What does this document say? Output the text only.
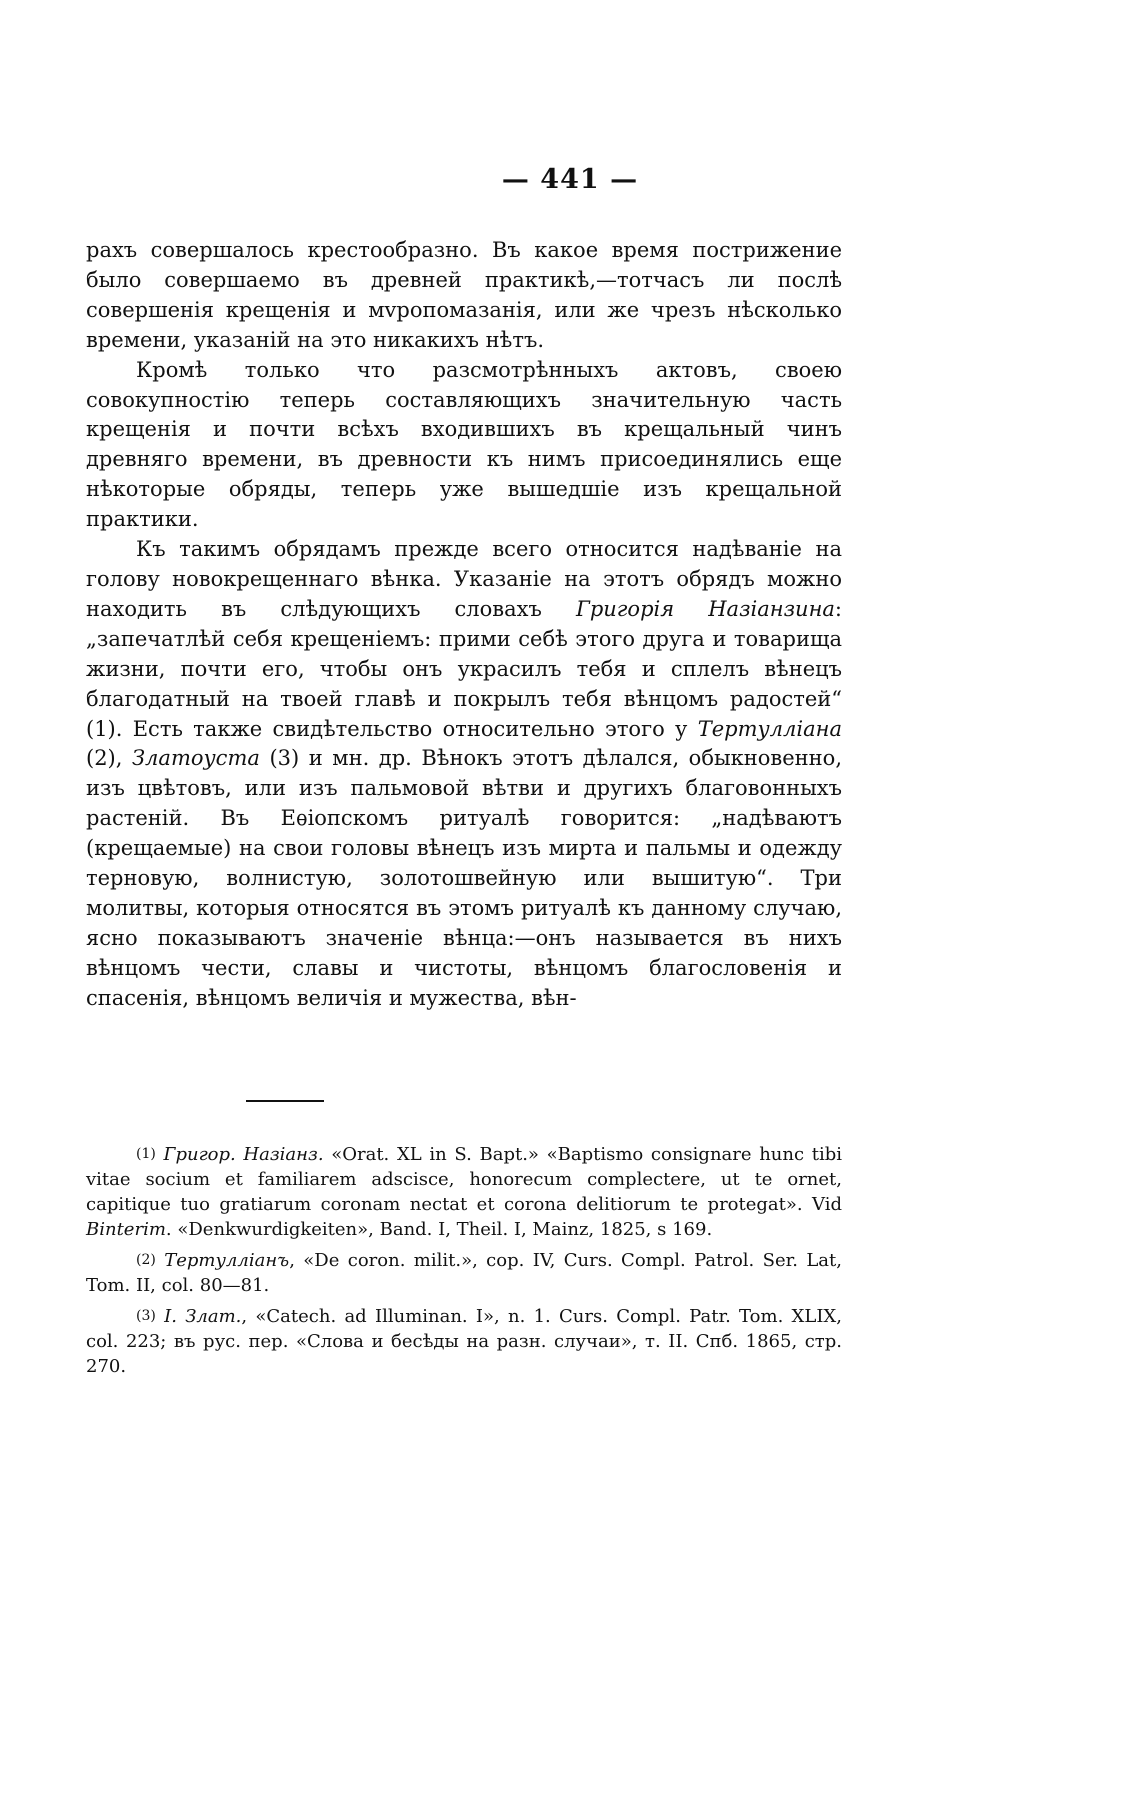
— 441 —

рахъ совершалось крестообразно. Въ какое время пострижение было совершаемо въ древней практикѣ,—тотчасъ ли послѣ совершенія крещенія и мvропомазанія, или же чрезъ нѣсколько времени, указаній на это никакихъ нѣтъ.

Кромѣ только что разсмотрѣнныхъ актовъ, своею совокупностію теперь составляющихъ значительную часть крещенія и почти всѣхъ входившихъ въ крещальный чинъ древняго времени, въ древности къ нимъ присоединялись еще нѣкоторые обряды, теперь уже вышедшіе изъ крещальной практики.

Къ такимъ обрядамъ прежде всего относится надѣваніе на голову новокрещеннаго вѣнка. Указаніе на этотъ обрядъ можно находить въ слѣдующихъ словахъ Григорія Назіанзина: „запечатлѣй себя крещеніемъ: прими себѣ этого друга и товарища жизни, почти его, чтобы онъ украсилъ тебя и сплелъ вѣнецъ благодатный на твоей главѣ и покрылъ тебя вѣнцомъ радостей“ (1). Есть также свидѣтельство относительно этого у Тертулліана (2), Златоуста (3) и мн. др. Вѣнокъ этотъ дѣлался, обыкновенно, изъ цвѣтовъ, или изъ пальмовой вѣтви и другихъ благовонныхъ растеній. Въ Еѳіопскомъ ритуалѣ говорится: „надѣваютъ (крещаемые) на свои головы вѣнецъ изъ мирта и пальмы и одежду терновую, волнистую, золотошвейную или вышитую“. Три молитвы, которыя относятся въ этомъ ритуалѣ къ данному случаю, ясно показываютъ значеніе вѣнца:—онъ называется въ нихъ вѣнцомъ чести, славы и чистоты, вѣнцомъ благословенія и спасенія, вѣнцомъ величія и мужества, вѣн-

$^{(1)}$ Григор. Назіанз. «Orat. XL in S. Bapt.» «Baptismo consignare hunc tibi vitae socium et familiarem adscisce, honorecum complectere, ut te ornet, capitique tuo gratiarum coronam nectat et corona delitiorum te protegat». Vid Binterim. «Denkwurdigkeiten», Band. I, Theil. I, Mainz, 1825, s 169.

$^{(2)}$ Тертулліанъ, «De coron. milit.», cop. IV, Curs. Compl. Patrol. Ser. Lat, Tom. II, col. 80—81.

$^{(3)}$ I. Злат., «Catech. ad Illuminan. I», n. 1. Curs. Compl. Patr. Tom. XLIX, col. 223; въ рус. пер. «Слова и бесѣды на разн. случаи», т. II. Спб. 1865, стр. 270.
